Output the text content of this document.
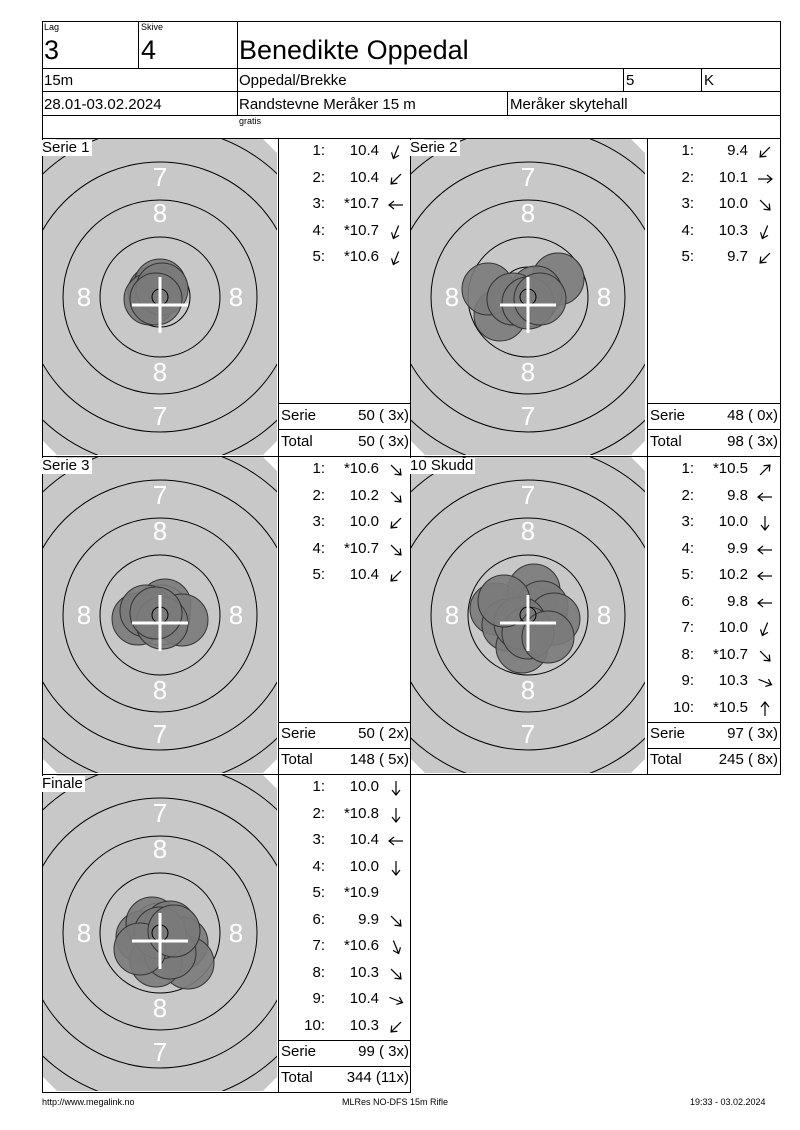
Lag
3
Skive
4	Benedikte Oppedal
15m	Oppedal/Brekke	5	K
28.01-03.02.2024	Randstevne Meråker 15 m	Meråker skytehall
gratis
7
8
8	8
8
7
Serie 1	1: 10.4
2: 10.4
3: *10.7
4: *10.7
5: *10.6
Serie	50 ( 3x)
Total	50 ( 3x)
7
8
8	8
8
7
Serie 2	1: 9.4
2: 10.1
3: 10.0
4: 10.3
5: 9.7
Serie	48 ( 0x)
Total	98 ( 3x)
7
8
8	8
8
7
Serie 3	1: *10.6
2: 10.2
3: 10.0
4: *10.7
5: 10.4
Serie	50 ( 2x)
Total	148 ( 5x)
7
8
8	8
8
7
10 Skudd	1: *10.5
2: 9.8
3: 10.0
4: 9.9
5: 10.2
6: 9.8
7: 10.0
8: *10.7
9: 10.3
10: *10.5
Serie	97 ( 3x)
Total	245 ( 8x)
7
8
8	8
8
7
Finale	1: 10.0
2: *10.8
3: 10.4
4: 10.0
5: *10.9
6: 9.9
7: *10.6
8: 10.3
9: 10.4
10: 10.3
Serie	99 ( 3x)
Total	344 (11x)
http://www.megalink.no	MLRes NO-DFS 15m Rifle	19:33 - 03.02.2024
